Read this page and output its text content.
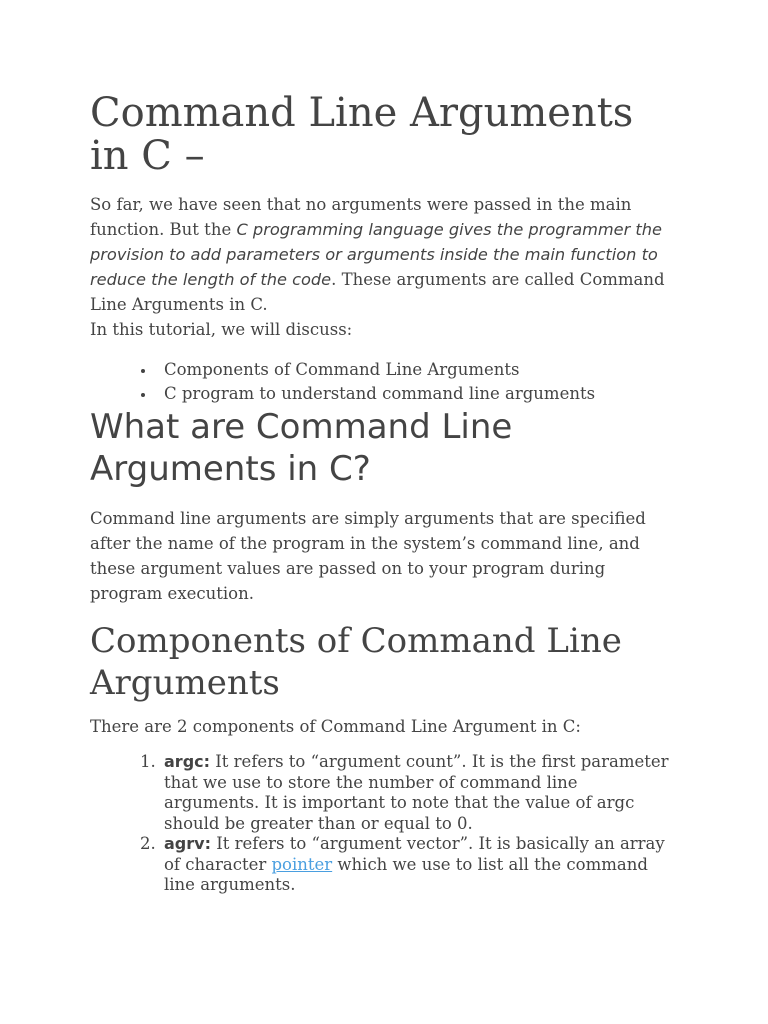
Command Line Arguments in C –

So far, we have seen that no arguments were passed in the main function. But the C programming language gives the programmer the provision to add parameters or arguments inside the main function to reduce the length of the code. These arguments are called Command Line Arguments in C.

In this tutorial, we will discuss:

Components of Command Line Arguments
C program to understand command line arguments
What are Command Line Arguments in C?

Command line arguments are simply arguments that are specified after the name of the program in the system’s command line, and these argument values are passed on to your program during program execution.

Components of Command Line Arguments

There are 2 components of Command Line Argument in C:

1. argc: It refers to “argument count”. It is the first parameter that we use to store the number of command line arguments. It is important to note that the value of argc should be greater than or equal to 0.
2. agrv: It refers to “argument vector”. It is basically an array of character pointer which we use to list all the command line arguments.
